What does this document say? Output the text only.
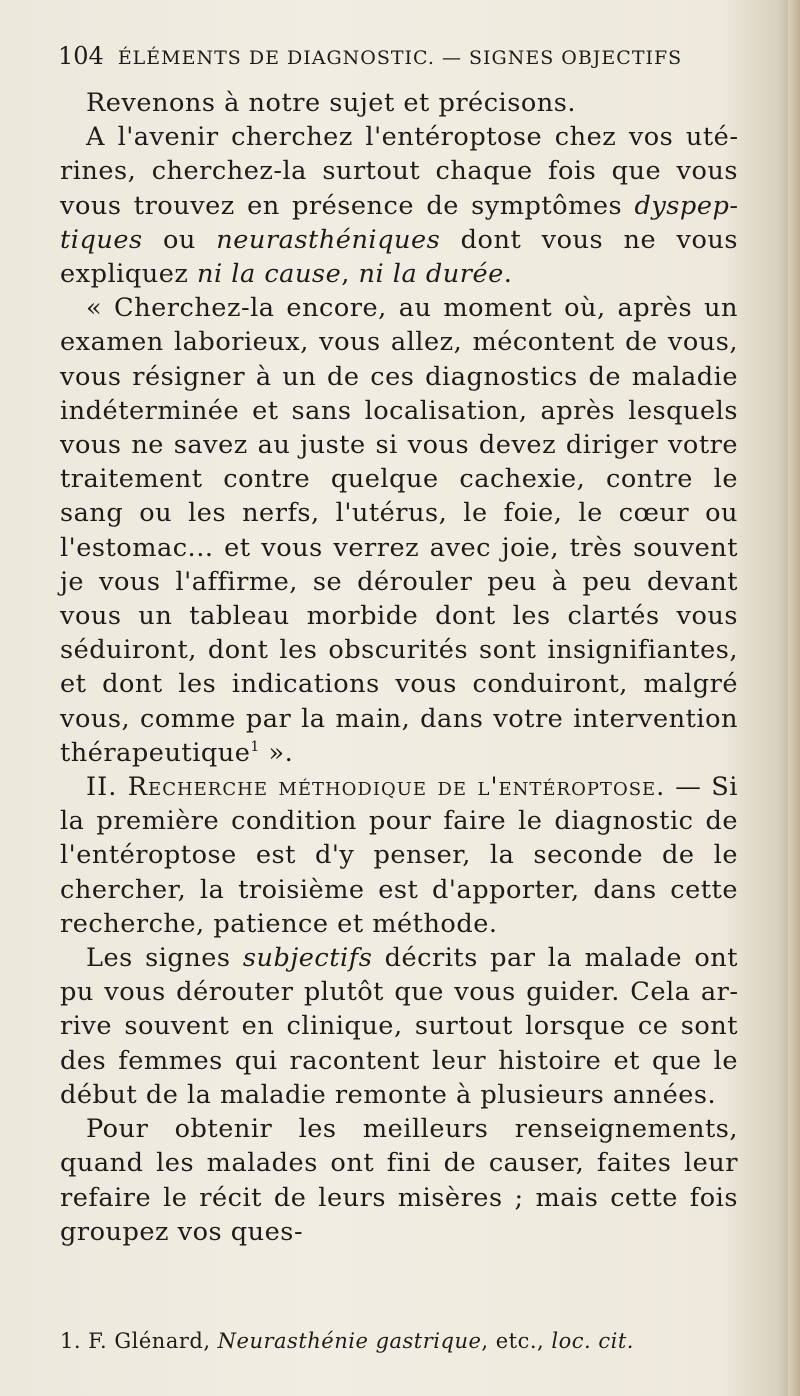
104 ÉLÉMENTS DE DIAGNOSTIC. — SIGNES OBJECTIFS

Revenons à notre sujet et précisons.

A l'avenir cherchez l'entéroptose chez vos utérines, cherchez-la surtout chaque fois que vous vous trouvez en présence de symptômes dyspeptiques ou neurasthéniques dont vous ne vous expliquez ni la cause, ni la durée.

« Cherchez-la encore, au moment où, après un examen laborieux, vous allez, mécontent de vous, vous résigner à un de ces diagnostics de maladie indéterminée et sans localisation, après lesquels vous ne savez au juste si vous devez diriger votre traitement contre quelque cachexie, contre le sang ou les nerfs, l'utérus, le foie, le cœur ou l'estomac... et vous verrez avec joie, très souvent je vous l'affirme, se dérouler peu à peu devant vous un tableau morbide dont les clartés vous séduiront, dont les obscurités sont insignifiantes, et dont les indications vous conduiront, malgré vous, comme par la main, dans votre intervention thérapeutique$^1$ ».

II. Recherche méthodique de l'entéroptose. — Si la première condition pour faire le diagnostic de l'entéroptose est d'y penser, la seconde de le chercher, la troisième est d'apporter, dans cette recherche, patience et méthode.

Les signes subjectifs décrits par la malade ont pu vous dérouter plutôt que vous guider. Cela arrive souvent en clinique, surtout lorsque ce sont des femmes qui racontent leur histoire et que le début de la maladie remonte à plusieurs années.

Pour obtenir les meilleurs renseignements, quand les malades ont fini de causer, faites leur refaire le récit de leurs misères ; mais cette fois groupez vos ques-

1. F. Glénard, Neurasthénie gastrique, etc., loc. cit.
